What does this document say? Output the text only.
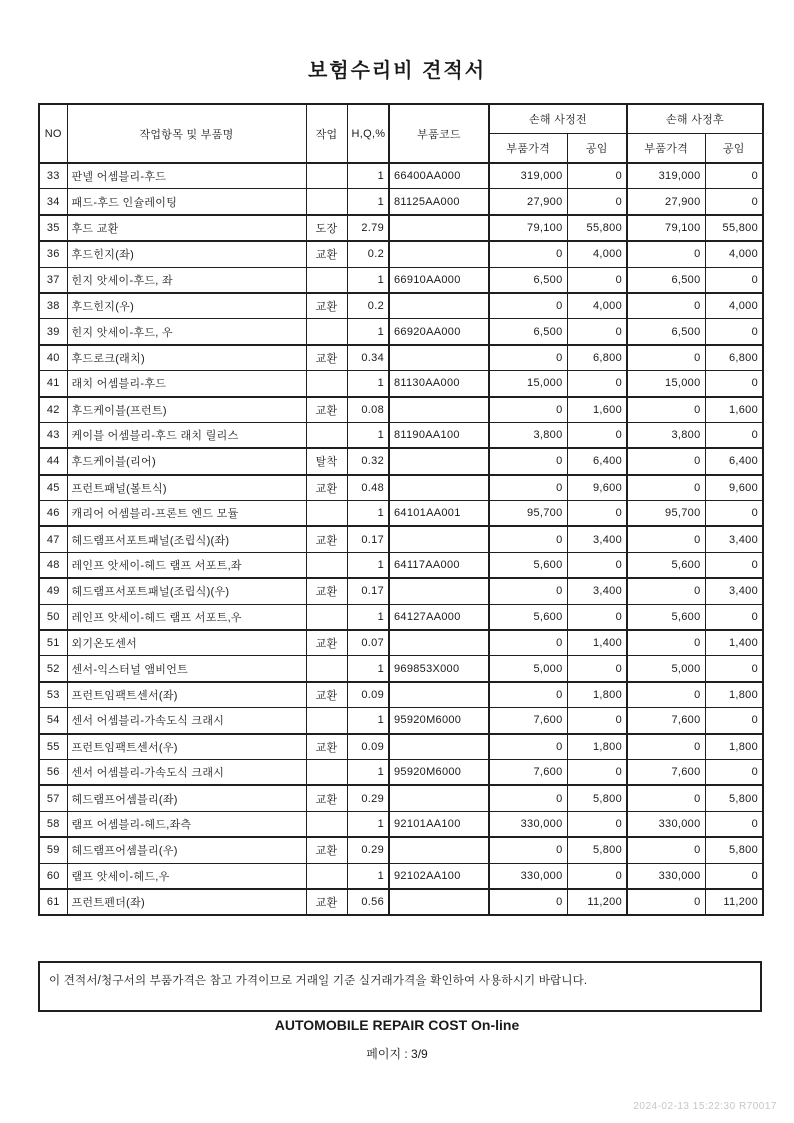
보험수리비 견적서
NO	작업항목 및 부품명	작업	H,Q,%	부품코드	손해 사정전		손해 사정후	
					부품가격	공임	부품가격	공임
33	판넬 어셈블리-후드		1	66400AA000	319,000	0	319,000	0
34	패드-후드 인슐레이팅		1	81125AA000	27,900	0	27,900	0
35	후드 교환	도장	2.79		79,100	55,800	79,100	55,800
36	후드힌지(좌)	교환	0.2		0	4,000	0	4,000
37	힌지 앗세이-후드, 좌		1	66910AA000	6,500	0	6,500	0
38	후드힌지(우)	교환	0.2		0	4,000	0	4,000
39	힌지 앗세이-후드, 우		1	66920AA000	6,500	0	6,500	0
40	후드로크(래치)	교환	0.34		0	6,800	0	6,800
41	래치 어셈블리-후드		1	81130AA000	15,000	0	15,000	0
42	후드케이블(프런트)	교환	0.08		0	1,600	0	1,600
43	케이블 어셈블리-후드 래치 릴리스		1	81190AA100	3,800	0	3,800	0
44	후드케이블(리어)	탈착	0.32		0	6,400	0	6,400
45	프런트패널(볼트식)	교환	0.48		0	9,600	0	9,600
46	캐리어 어셈블리-프론트 엔드 모듈		1	64101AA001	95,700	0	95,700	0
47	헤드램프서포트패널(조립식)(좌)	교환	0.17		0	3,400	0	3,400
48	레인프 앗세이-헤드 램프 서포트,좌		1	64117AA000	5,600	0	5,600	0
49	헤드램프서포트패널(조립식)(우)	교환	0.17		0	3,400	0	3,400
50	레인프 앗세이-헤드 램프 서포트,우		1	64127AA000	5,600	0	5,600	0
51	외기온도센서	교환	0.07		0	1,400	0	1,400
52	센서-익스터널 앰비언트		1	969853X000	5,000	0	5,000	0
53	프런트임팩트센서(좌)	교환	0.09		0	1,800	0	1,800
54	센서 어셈블리-가속도식 크래시		1	95920M6000	7,600	0	7,600	0
55	프런트임팩트센서(우)	교환	0.09		0	1,800	0	1,800
56	센서 어셈블리-가속도식 크래시		1	95920M6000	7,600	0	7,600	0
57	헤드램프어셈블리(좌)	교환	0.29		0	5,800	0	5,800
58	램프 어셈블리-헤드,좌측		1	92101AA100	330,000	0	330,000	0
59	헤드램프어셈블리(우)	교환	0.29		0	5,800	0	5,800
60	램프 앗세이-헤드,우		1	92102AA100	330,000	0	330,000	0
61	프런트펜더(좌)	교환	0.56		0	11,200	0	11,200
이 견적서/청구서의 부품가격은 참고 가격이므로 거래일 기준 실거래가격을 확인하여 사용하시기 바랍니다.
AUTOMOBILE REPAIR COST On-line
페이지 : 3/9
2024-02-13 15:22:30 R70017
